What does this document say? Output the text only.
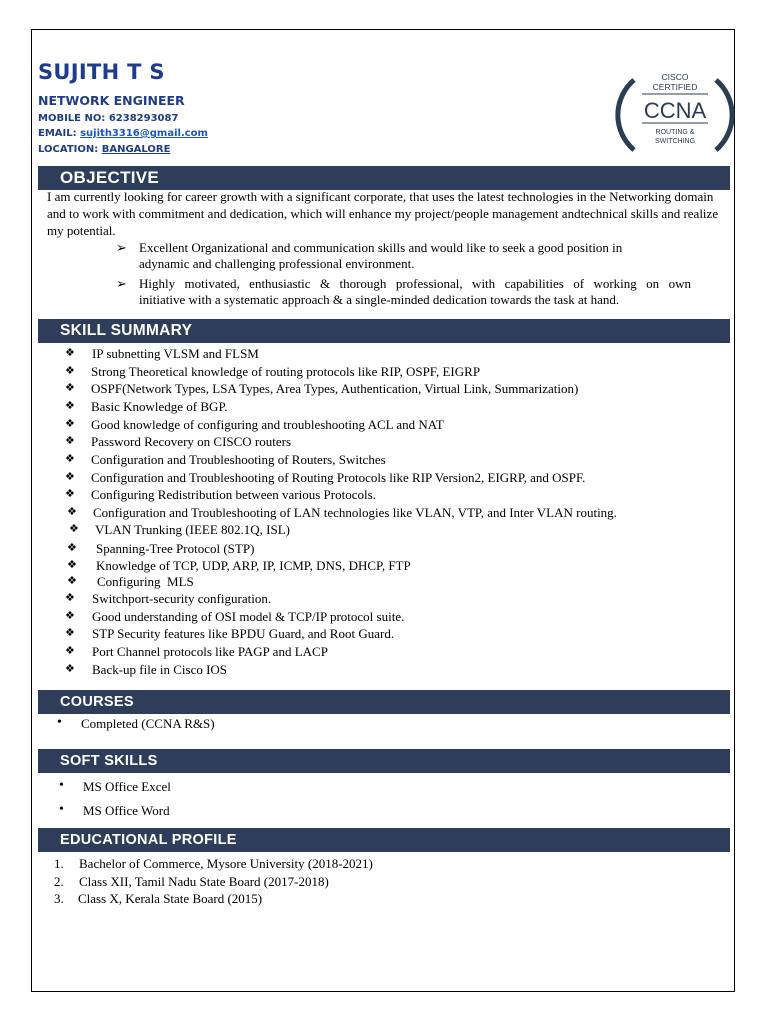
SUJITH T S
NETWORK ENGINEER
MOBILE NO: 6238293087
EMAIL: sujith3316@gmail.com
LOCATION: BANGALORE
CISCO
CERTIFIED
CCNA
ROUTING &
SWITCHING
OBJECTIVE
I am currently looking for career growth with a significant corporate, that uses the latest technologies in the Networking domain and to work with commitment and dedication, which will enhance my project/people management andtechnical skills and realize my potential.
➢ Excellent Organizational and communication skills and would like to seek a good position in
adynamic and challenging professional environment.
➢ Highly motivated, enthusiastic & thorough professional, with capabilities of working on own
initiative with a systematic approach & a single-minded dedication towards the task at hand.
SKILL SUMMARY
❖ IP subnetting VLSM and FLSM
❖ Strong Theoretical knowledge of routing protocols like RIP, OSPF, EIGRP
❖ OSPF(Network Types, LSA Types, Area Types, Authentication, Virtual Link, Summarization)
❖ Basic Knowledge of BGP.
❖ Good knowledge of configuring and troubleshooting ACL and NAT
❖ Password Recovery on CISCO routers
❖ Configuration and Troubleshooting of Routers, Switches
❖ Configuration and Troubleshooting of Routing Protocols like RIP Version2, EIGRP, and OSPF.
❖ Configuring Redistribution between various Protocols.
❖ Configuration and Troubleshooting of LAN technologies like VLAN, VTP, and Inter VLAN routing.
❖ VLAN Trunking (IEEE 802.1Q, ISL)
❖ Spanning-Tree Protocol (STP)
❖ Knowledge of TCP, UDP, ARP, IP, ICMP, DNS, DHCP, FTP
❖ Configuring  MLS
❖ Switchport-security configuration.
❖ Good understanding of OSI model & TCP/IP protocol suite.
❖ STP Security features like BPDU Guard, and Root Guard.
❖ Port Channel protocols like PAGP and LACP
❖ Back-up file in Cisco IOS
COURSES
• Completed (CCNA R&S)
SOFT SKILLS
• MS Office Excel
• MS Office Word
EDUCATIONAL PROFILE
1. Bachelor of Commerce, Mysore University (2018-2021)
2. Class XII, Tamil Nadu State Board (2017-2018)
3. Class X, Kerala State Board (2015)
